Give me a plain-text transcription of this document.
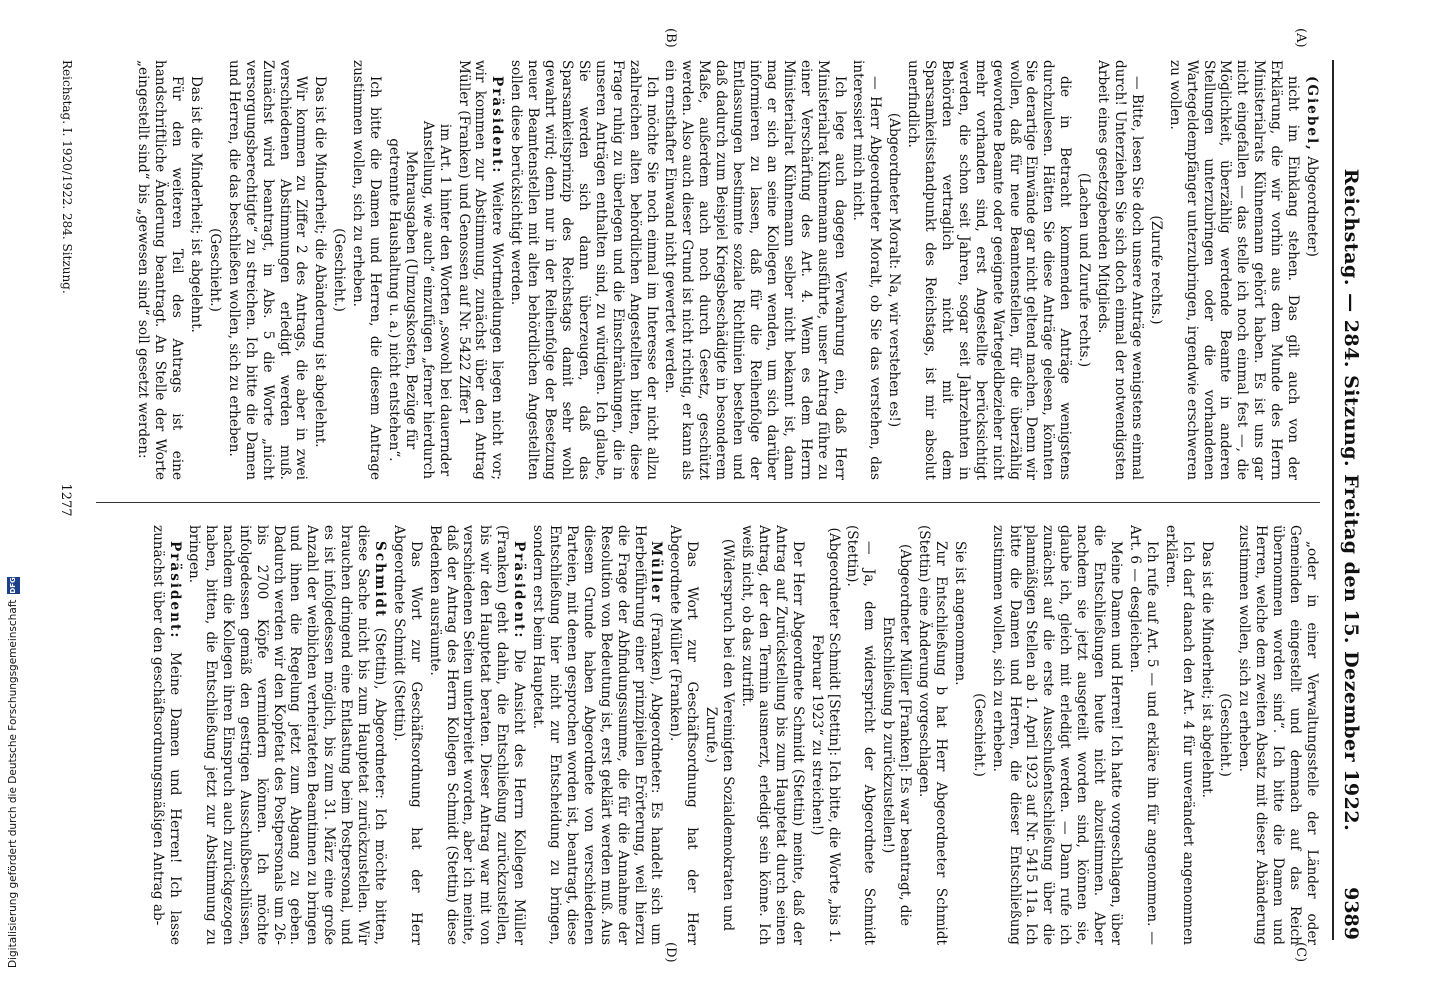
Reichstag. — 284. Sitzung. Freitag den 15. Dezember 1922.
9389
(A)
(B)
(C)
(D)

(Giebel, Abgeordneter)

nicht im Einklang stehen. Das gilt auch von der Erklärung, die wir vorhin aus dem Munde des Herrn Ministerialrats Kühnemann gehört haben. Es ist uns gar nicht eingefallen — das stelle ich noch einmal fest —, die Möglichkeit, überzählig werdende Beamte in anderen Stellungen unterzubringen oder die vorhandenen Wartegeldempfänger unterzubringen, irgendwie erschweren zu wollen.

(Zurufe rechts.)

— Bitte, lesen Sie doch unsere Anträge wenigstens einmal durch! Unterziehen Sie sich doch einmal der notwendigsten Arbeit eines gesetzgebenden Mitglieds.

(Lachen und Zurufe rechts.)

die in Betracht kommenden Anträge wenigstens durchzulesen. Hätten Sie diese Anträge gelesen, könnten Sie derartige Einwände gar nicht geltend machen. Denn wir wollen, daß für neue Beamtenstellen, für die überzählig gewordene Beamte oder geeignete Wartegeldbezieher nicht mehr vorhanden sind, erst Angestellte berücksichtigt werden, die schon seit Jahren, sogar seit Jahrzehnten in Behörden vertraglich nicht mit dem Sparsamkeitsstandpunkt des Reichstags, ist mir absolut unerfindlich.

(Abgeordneter Moralt: Na, wir verstehen es!)

— Herr Abgeordneter Moralt, ob Sie das verstehen, das interessiert mich nicht.

Ich lege auch dagegen Verwahrung ein, daß Herr Ministerialrat Kühnemann ausführte, unser Antrag führe zu einer Verschärfung des Art. 4. Wenn es dem Herrn Ministerialrat Kühnemann selber nicht bekannt ist, dann mag er sich an seine Kollegen wenden, um sich darüber informieren zu lassen, daß für die Reihenfolge der Entlassungen bestimmte soziale Richtlinien bestehen und daß dadurch zum Beispiel Kriegsbeschädigte in besonderem Maße, außerdem auch noch durch Gesetz, geschützt werden. Also auch dieser Grund ist nicht richtig, er kann als ein ernsthafter Einwand nicht gewertet werden.

Ich möchte Sie noch einmal im Interesse der nicht allzu zahlreichen alten behördlichen Angestellten bitten, diese Frage ruhig zu überlegen und die Einschränkungen, die in unseren Anträgen enthalten sind, zu würdigen. Ich glaube, Sie werden sich dann überzeugen, daß das Sparsamkeitsprinzip des Reichstags damit sehr wohl gewahrt wird; denn nur in der Reihenfolge der Besetzung neuer Beamtenstellen mit alten behördlichen Angestellten sollen diese berücksichtigt werden.

Präsident: Weitere Wortmeldungen liegen nicht vor; wir kommen zur Abstimmung, zunächst über den Antrag Müller (Franken) und Genossen auf Nr. 5422 Ziffer 1

im Art. 1 hinter den Worten „sowohl bei dauernder Anstellung, wie auch“ einzufügen „ferner hierdurch Mehrausgaben (Umzugskosten, Bezüge für getrennte Haushaltung u. a.) nicht entstehen“.

Ich bitte die Damen und Herren, die diesem Antrage zustimmen wollen, sich zu erheben.

(Geschieht.)

Das ist die Minderheit; die Abänderung ist abgelehnt.

Wir kommen zu Ziffer 2 des Antrags, die aber in zwei verschiedenen Abstimmungen erledigt werden muß. Zunächst wird beantragt, in Abs. 5 die Worte „nicht versorgungsberechtigte“ zu streichen. Ich bitte die Damen und Herren, die das beschließen wollen, sich zu erheben.

(Geschieht.)

Das ist die Minderheit; ist abgelehnt.

Für den weiteren Teil des Antrags ist eine handschriftliche Änderung beantragt. An Stelle der Worte „eingestellt sind“ bis „gewesen sind“ soll gesetzt werden:

„oder in einer Verwaltungsstelle der Länder oder Gemeinden eingestellt und demnach auf das Reich übernommen worden sind“. Ich bitte die Damen und Herren, welche dem zweiten Absatz mit dieser Abänderung zustimmen wollen, sich zu erheben.

(Geschieht.)

Das ist die Minderheit; ist abgelehnt.

Ich darf danach den Art. 4 für unverändert angenommen erklären.

Ich rufe auf Art. 5 — und erkläre ihn für angenommen. — Art. 6 — desgleichen.

Meine Damen und Herren! Ich hatte vorgeschlagen, über die Entschließungen heute nicht abzustimmen. Aber nachdem sie jetzt ausgeteilt worden sind, können sie, glaube ich, gleich mit erledigt werden. — Dann rufe ich zunächst auf die erste Ausschußentschließung über die planmäßigen Stellen ab 1. April 1923 auf Nr. 5415 11a. Ich bitte die Damen und Herren, die dieser Entschließung zustimmen wollen, sich zu erheben.

(Geschieht.)

Sie ist angenommen.

Zur Entschließung b hat Herr Abgeordneter Schmidt (Stettin) eine Änderung vorgeschlagen.

(Abgeordneter Müller [Franken]: Es war beantragt, die Entschließung b zurückzustellen!)

— Ja, dem widerspricht der Abgeordnete Schmidt (Stettin).

(Abgeordneter Schmidt [Stettin]: Ich bitte, die Worte „bis 1. Februar 1923“ zu streichen!)

Der Herr Abgeordnete Schmidt (Stettin) meinte, daß der Antrag auf Zurückstellung bis zum Hauptetat durch seinen Antrag, der den Termin ausmerzt, erledigt sein könne. Ich weiß nicht, ob das zutrifft.

(Widerspruch bei den Vereinigten Sozialdemokraten und Zurufe.)

Das Wort zur Geschäftsordnung hat der Herr Abgeordnete Müller (Franken).

Müller (Franken), Abgeordneter: Es handelt sich um Herbeiführung einer prinzipiellen Erörterung, weil hierzu die Frage der Abfindungssumme, die für die Annahme der Resolution von Bedeutung ist, erst geklärt werden muß. Aus diesem Grunde haben Abgeordnete von verschiedenen Parteien, mit denen gesprochen worden ist, beantragt, diese Entschließung hier nicht zur Entscheidung zu bringen, sondern erst beim Hauptetat.

Präsident: Die Ansicht des Herrn Kollegen Müller (Franken) geht dahin, die Entschließung zurückzustellen, bis wir den Hauptetat beraten. Dieser Antrag war mit von verschiedenen Seiten unterbreitet worden, aber ich meinte, daß der Antrag des Herrn Kollegen Schmidt (Stettin) diese Bedenken ausräumte.

Das Wort zur Geschäftsordnung hat der Herr Abgeordnete Schmidt (Stettin).

Schmidt (Stettin), Abgeordneter: Ich möchte bitten, diese Sache nicht bis zum Hauptetat zurückzustellen. Wir brauchen dringend eine Entlastung beim Postpersonal, und es ist infolgedessen möglich, bis zum 31. März eine große Anzahl der weiblichen verheirateten Beamtinnen zu bringen und ihnen die Regelung jetzt zum Abgang zu geben. Dadurch werden wir den Kopfetat des Postpersonals um 26- bis 2700 Köpfe vermindern können. Ich möchte infolgedessen gemäß den gestrigen Ausschußbeschlüssen, nachdem die Kollegen ihren Einspruch auch zurückgezogen haben, bitten, die Entschließung jetzt zur Abstimmung zu bringen.

Präsident: Meine Damen und Herren! Ich lasse zunächst über den geschäftsordnungsmäßigen Antrag ab-

Reichstag. I. 1920/1922. 284. Sitzung.
1277
Digitalisierung gefördert durch die Deutsche Forschungsgemeinschaft
DFG
